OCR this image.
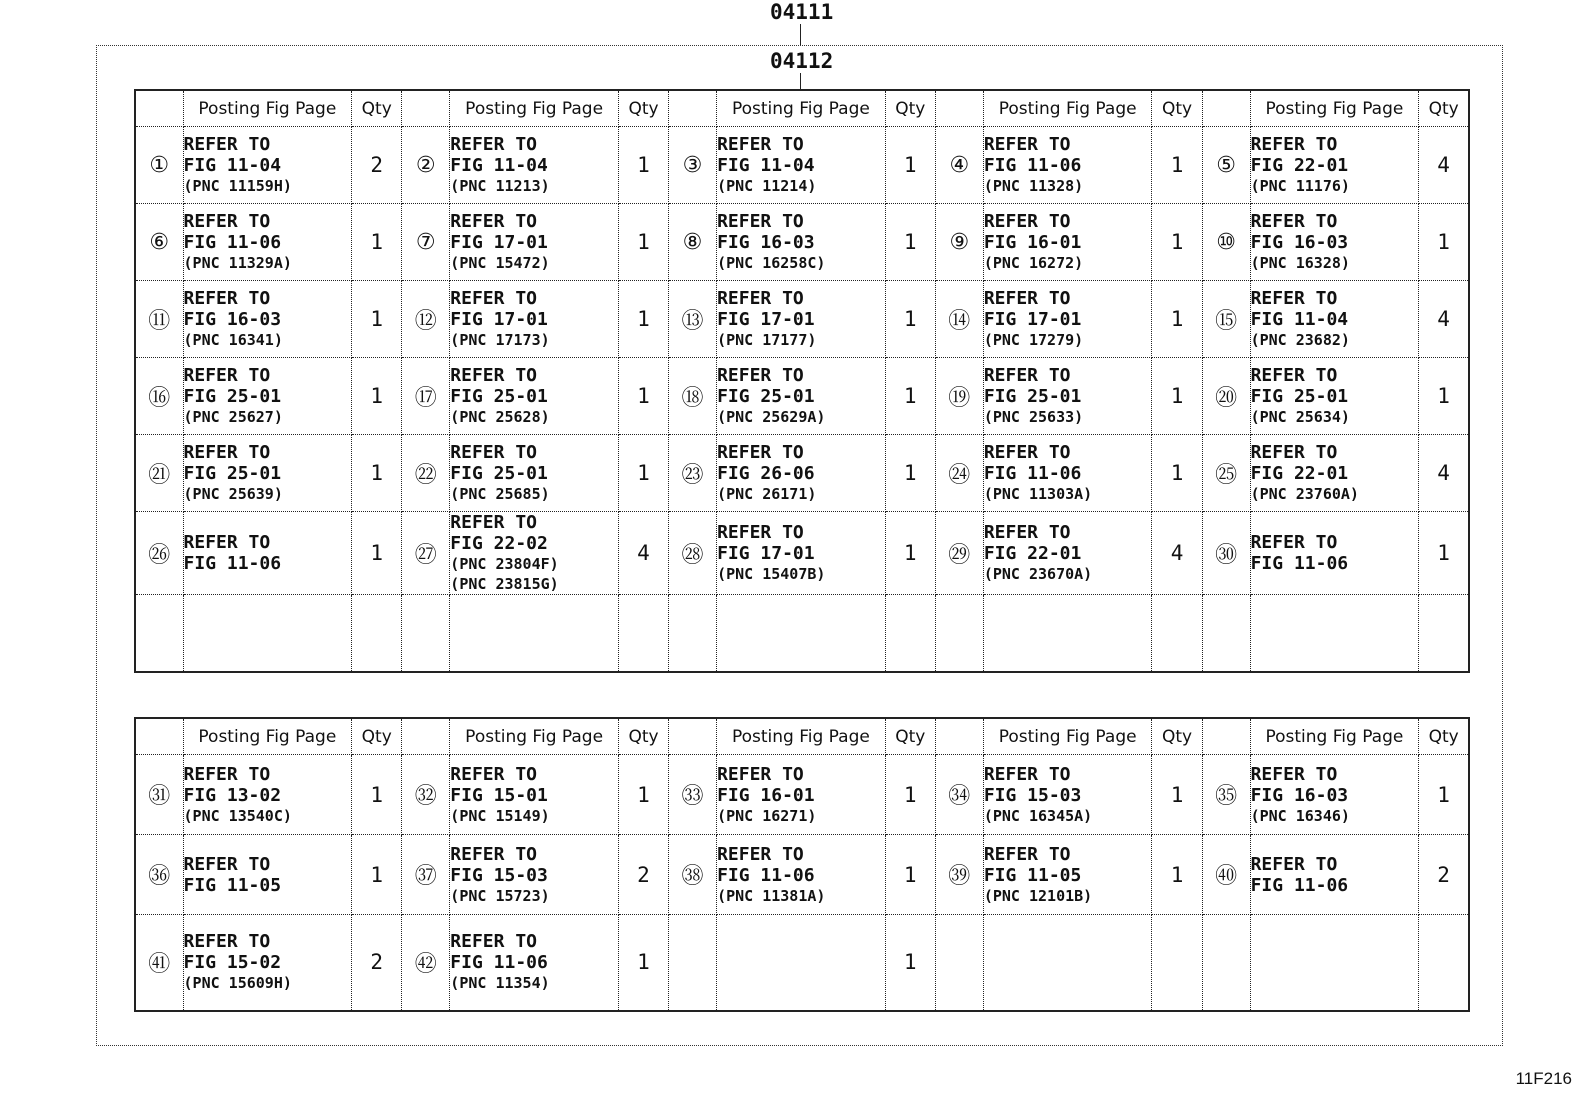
04111
04112
	Posting Fig Page	Qty		Posting Fig Page	Qty		Posting Fig Page	Qty		Posting Fig Page	Qty		Posting Fig Page	Qty
①	REFER TO
FIG 11-04
(PNC 11159H)	2	②	REFER TO
FIG 11-04
(PNC 11213)	1	③	REFER TO
FIG 11-04
(PNC 11214)	1	④	REFER TO
FIG 11-06
(PNC 11328)	1	⑤	REFER TO
FIG 22-01
(PNC 11176)	4
⑥	REFER TO
FIG 11-06
(PNC 11329A)	1	⑦	REFER TO
FIG 17-01
(PNC 15472)	1	⑧	REFER TO
FIG 16-03
(PNC 16258C)	1	⑨	REFER TO
FIG 16-01
(PNC 16272)	1	⑩	REFER TO
FIG 16-03
(PNC 16328)	1
⑪	REFER TO
FIG 16-03
(PNC 16341)	1	⑫	REFER TO
FIG 17-01
(PNC 17173)	1	⑬	REFER TO
FIG 17-01
(PNC 17177)	1	⑭	REFER TO
FIG 17-01
(PNC 17279)	1	⑮	REFER TO
FIG 11-04
(PNC 23682)	4
⑯	REFER TO
FIG 25-01
(PNC 25627)	1	⑰	REFER TO
FIG 25-01
(PNC 25628)	1	⑱	REFER TO
FIG 25-01
(PNC 25629A)	1	⑲	REFER TO
FIG 25-01
(PNC 25633)	1	⑳	REFER TO
FIG 25-01
(PNC 25634)	1
㉑	REFER TO
FIG 25-01
(PNC 25639)	1	㉒	REFER TO
FIG 25-01
(PNC 25685)	1	㉓	REFER TO
FIG 26-06
(PNC 26171)	1	㉔	REFER TO
FIG 11-06
(PNC 11303A)	1	㉕	REFER TO
FIG 22-01
(PNC 23760A)	4
㉖	REFER TO
FIG 11-06	1	㉗	REFER TO
FIG 22-02
(PNC 23804F)
(PNC 23815G)	4	㉘	REFER TO
FIG 17-01
(PNC 15407B)	1	㉙	REFER TO
FIG 22-01
(PNC 23670A)	4	㉚	REFER TO
FIG 11-06	1

	Posting Fig Page	Qty		Posting Fig Page	Qty		Posting Fig Page	Qty		Posting Fig Page	Qty		Posting Fig Page	Qty
㉛	REFER TO
FIG 13-02
(PNC 13540C)	1	㉜	REFER TO
FIG 15-01
(PNC 15149)	1	㉝	REFER TO
FIG 16-01
(PNC 16271)	1	㉞	REFER TO
FIG 15-03
(PNC 16345A)	1	㉟	REFER TO
FIG 16-03
(PNC 16346)	1
㊱	REFER TO
FIG 11-05	1	㊲	REFER TO
FIG 15-03
(PNC 15723)	2	㊳	REFER TO
FIG 11-06
(PNC 11381A)	1	㊴	REFER TO
FIG 11-05
(PNC 12101B)	1	㊵	REFER TO
FIG 11-06	2
㊶	REFER TO
FIG 15-02
(PNC 15609H)	2	㊷	REFER TO
FIG 11-06
(PNC 11354)	1			1						
11F216
